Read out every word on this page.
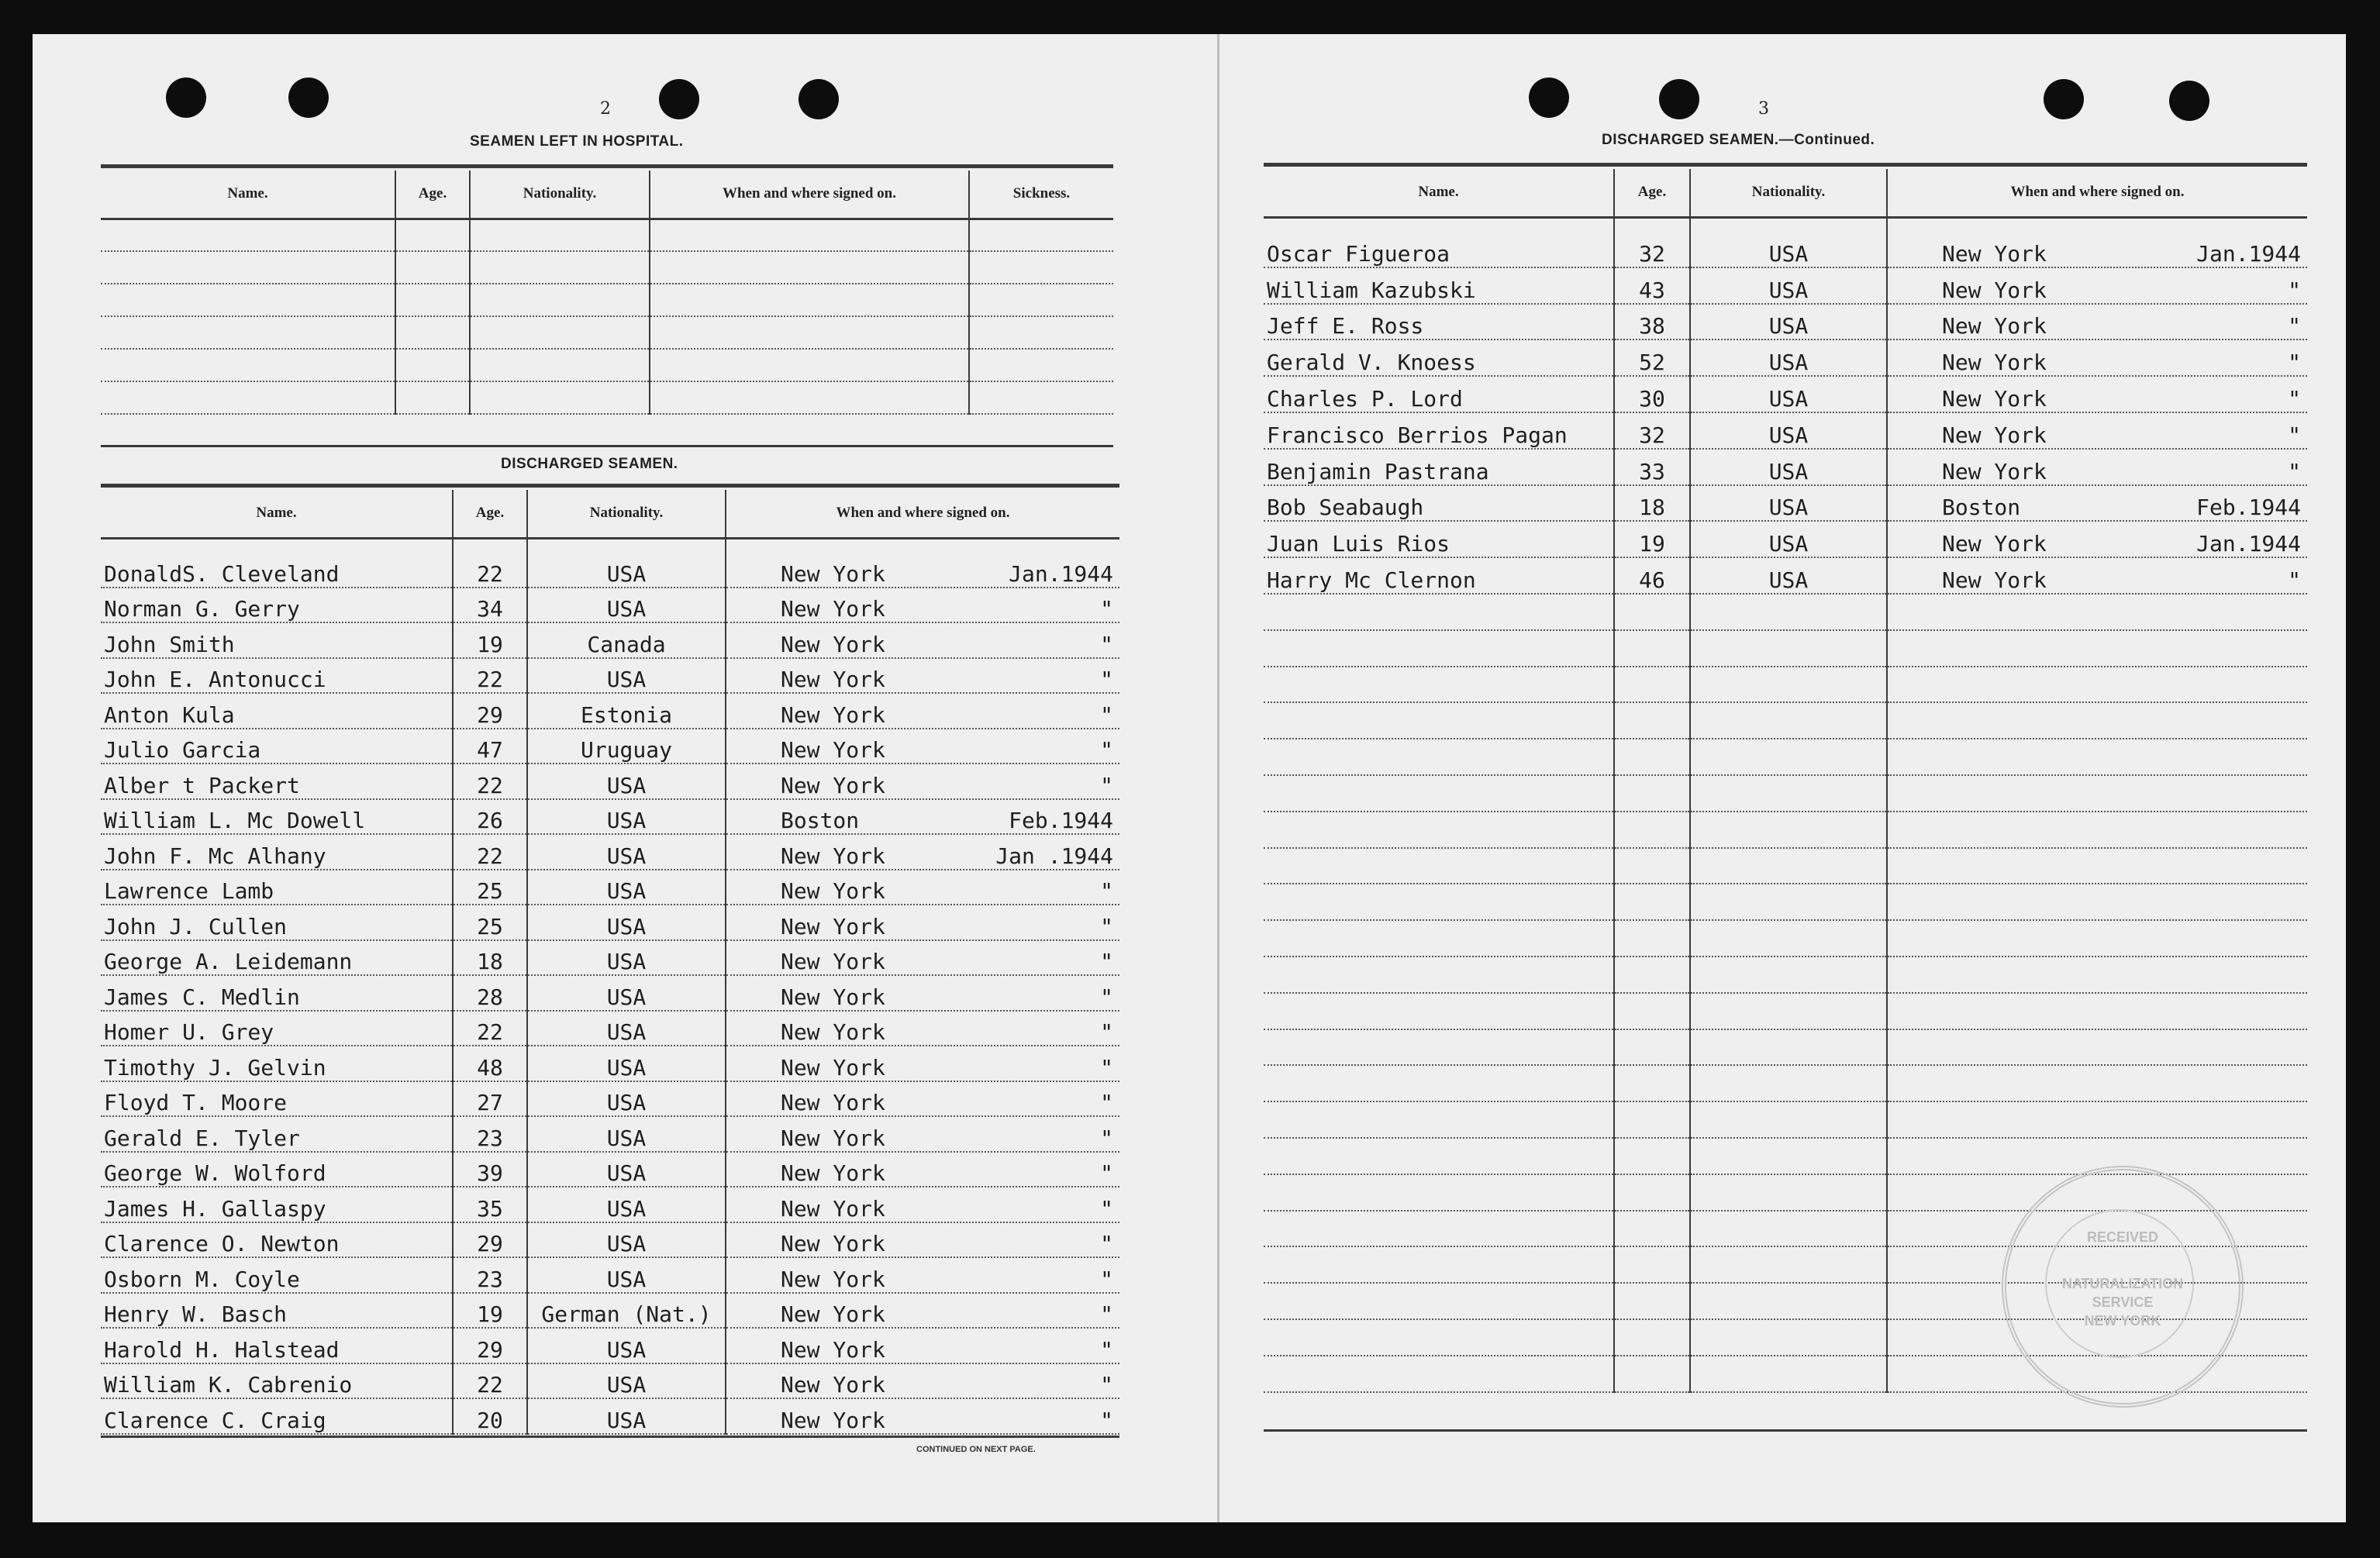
2
SEAMEN LEFT IN HOSPITAL.
Name.	Age.	Nationality.	When and where signed on.	Sickness.

DISCHARGED SEAMEN.
Name.	Age.	Nationality.	When and where signed on.

DonaldS. Cleveland	22	USA	New York Jan.1944

Norman G. Gerry	34	USA	New York "

John Smith	19	Canada	New York "

John E. Antonucci	22	USA	New York "

Anton Kula	29	Estonia	New York "

Julio Garcia	47	Uruguay	New York "

Alber t Packert	22	USA	New York "

William L. Mc Dowell	26	USA	Boston Feb.1944

John F. Mc Alhany	22	USA	New York Jan .1944

Lawrence Lamb	25	USA	New York "

John J. Cullen	25	USA	New York "

George A. Leidemann	18	USA	New York "

James C. Medlin	28	USA	New York "

Homer U. Grey	22	USA	New York "

Timothy J. Gelvin	48	USA	New York "

Floyd T. Moore	27	USA	New York "

Gerald E. Tyler	23	USA	New York "

George W. Wolford	39	USA	New York "

James H. Gallaspy	35	USA	New York "

Clarence O. Newton	29	USA	New York "

Osborn M. Coyle	23	USA	New York "

Henry W. Basch	19	German (Nat.)	New York "

Harold H. Halstead	29	USA	New York "

William K. Cabrenio	22	USA	New York "

Clarence C. Craig	20	USA	New York "
CONTINUED ON NEXT PAGE.
3
DISCHARGED SEAMEN.—Continued.
Name.	Age.	Nationality.	When and where signed on.

Oscar Figueroa	32	USA	New York Jan.1944

William Kazubski	43	USA	New York "

Jeff E. Ross	38	USA	New York "

Gerald V. Knoess	52	USA	New York "

Charles P. Lord	30	USA	New York "

Francisco Berrios Pagan	32	USA	New York "

Benjamin Pastrana	33	USA	New York "

Bob Seabaugh	18	USA	Boston Feb.1944

Juan Luis Rios	19	USA	New York Jan.1944

Harry Mc Clernon	46	USA	New York "

RECEIVED
NATURALIZATION
SERVICE
NEW YORK
